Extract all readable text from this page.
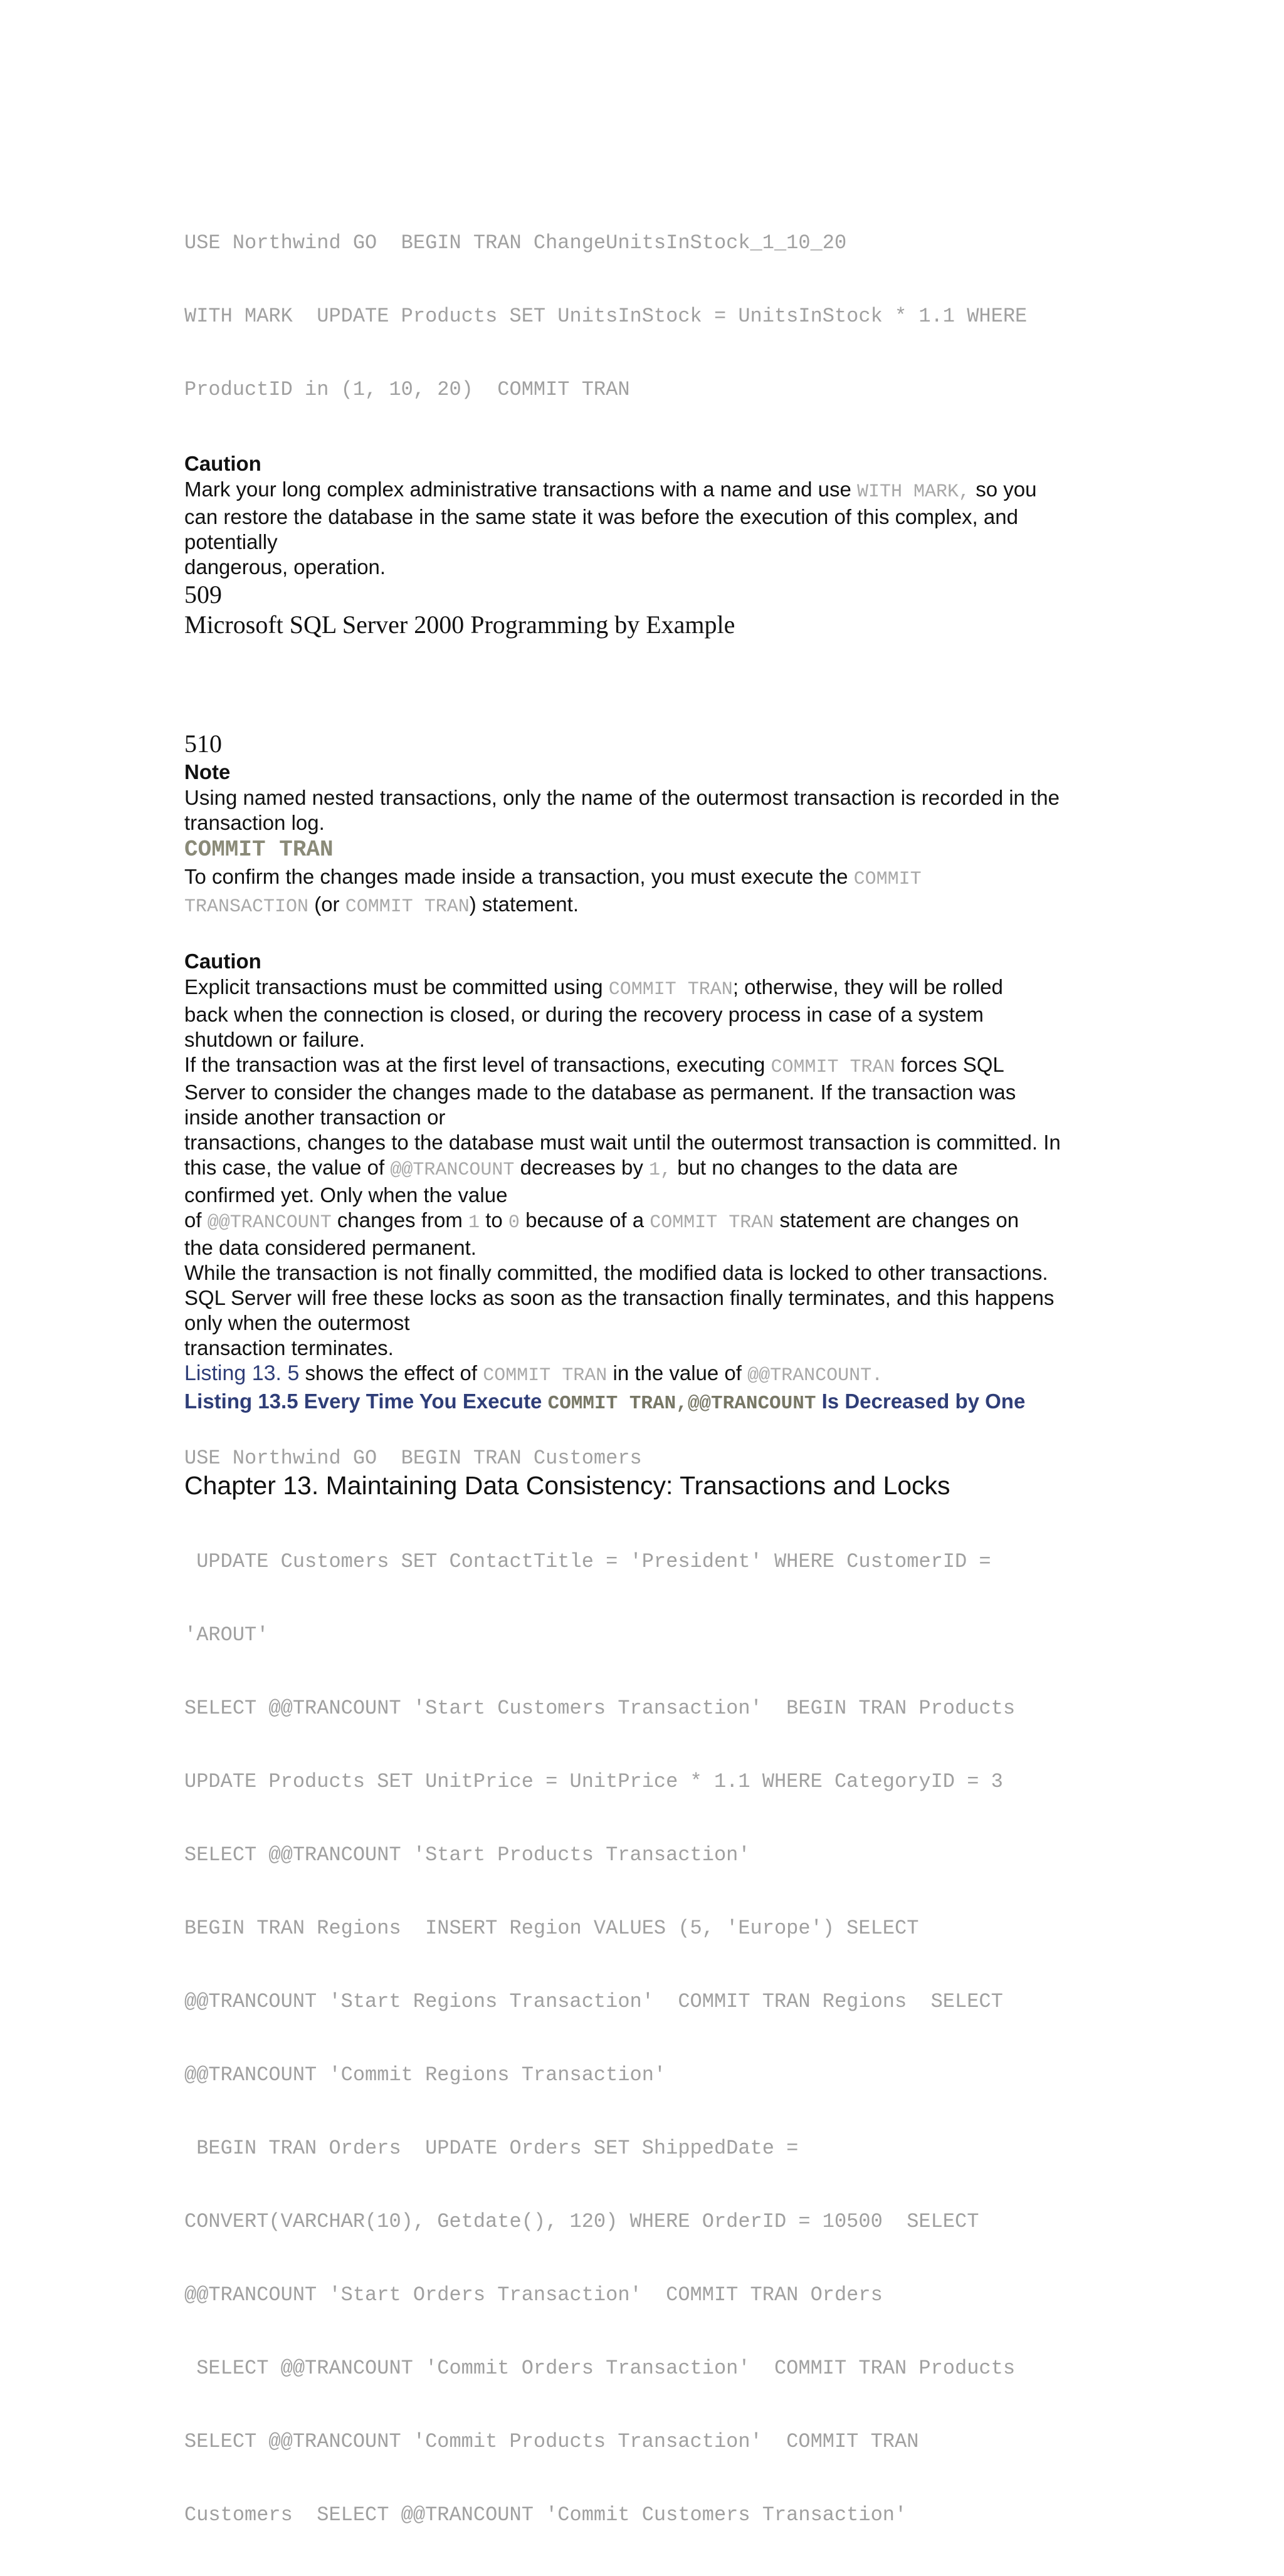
USE Northwind GO  BEGIN TRAN ChangeUnitsInStock_1_10_20

WITH MARK  UPDATE Products SET UnitsInStock = UnitsInStock * 1.1 WHERE

ProductID in (1, 10, 20)  COMMIT TRAN

Caution

Mark your long complex administrative transactions with a name and use WITH MARK, so you
can restore the database in the same state it was before the execution of this complex, and
potentially
dangerous, operation.

509

Microsoft SQL Server 2000 Programming by Example

510

Note

Using named nested transactions, only the name of the outermost transaction is recorded in the
transaction log.

COMMIT TRAN

To confirm the changes made inside a transaction, you must execute the COMMIT
TRANSACTION (or COMMIT TRAN) statement.

Caution

Explicit transactions must be committed using COMMIT TRAN; otherwise, they will be rolled
back when the connection is closed, or during the recovery process in case of a system
shutdown or failure.

If the transaction was at the first level of transactions, executing COMMIT TRAN forces SQL
Server to consider the changes made to the database as permanent. If the transaction was
inside another transaction or
transactions, changes to the database must wait until the outermost transaction is committed. In
this case, the value of @@TRANCOUNT decreases by 1, but no changes to the data are
confirmed yet. Only when the value
of @@TRANCOUNT changes from 1 to 0 because of a COMMIT TRAN statement are changes on
the data considered permanent.
While the transaction is not finally committed, the modified data is locked to other transactions.
SQL Server will free these locks as soon as the transaction finally terminates, and this happens
only when the outermost
transaction terminates.

Listing 13. 5 shows the effect of COMMIT TRAN in the value of @@TRANCOUNT.

Listing 13.5 Every Time You Execute COMMIT TRAN,@@TRANCOUNT Is Decreased by One

USE Northwind GO  BEGIN TRAN Customers

Chapter 13. Maintaining Data Consistency: Transactions and Locks

UPDATE Customers SET ContactTitle = 'President' WHERE CustomerID =

'AROUT'

SELECT @@TRANCOUNT 'Start Customers Transaction'  BEGIN TRAN Products

UPDATE Products SET UnitPrice = UnitPrice * 1.1 WHERE CategoryID = 3

SELECT @@TRANCOUNT 'Start Products Transaction'

BEGIN TRAN Regions  INSERT Region VALUES (5, 'Europe') SELECT

@@TRANCOUNT 'Start Regions Transaction'  COMMIT TRAN Regions  SELECT

@@TRANCOUNT 'Commit Regions Transaction'

BEGIN TRAN Orders  UPDATE Orders SET ShippedDate =

CONVERT(VARCHAR(10), Getdate(), 120) WHERE OrderID = 10500  SELECT

@@TRANCOUNT 'Start Orders Transaction'  COMMIT TRAN Orders

SELECT @@TRANCOUNT 'Commit Orders Transaction'  COMMIT TRAN Products

SELECT @@TRANCOUNT 'Commit Products Transaction'  COMMIT TRAN

Customers  SELECT @@TRANCOUNT 'Commit Customers Transaction'
